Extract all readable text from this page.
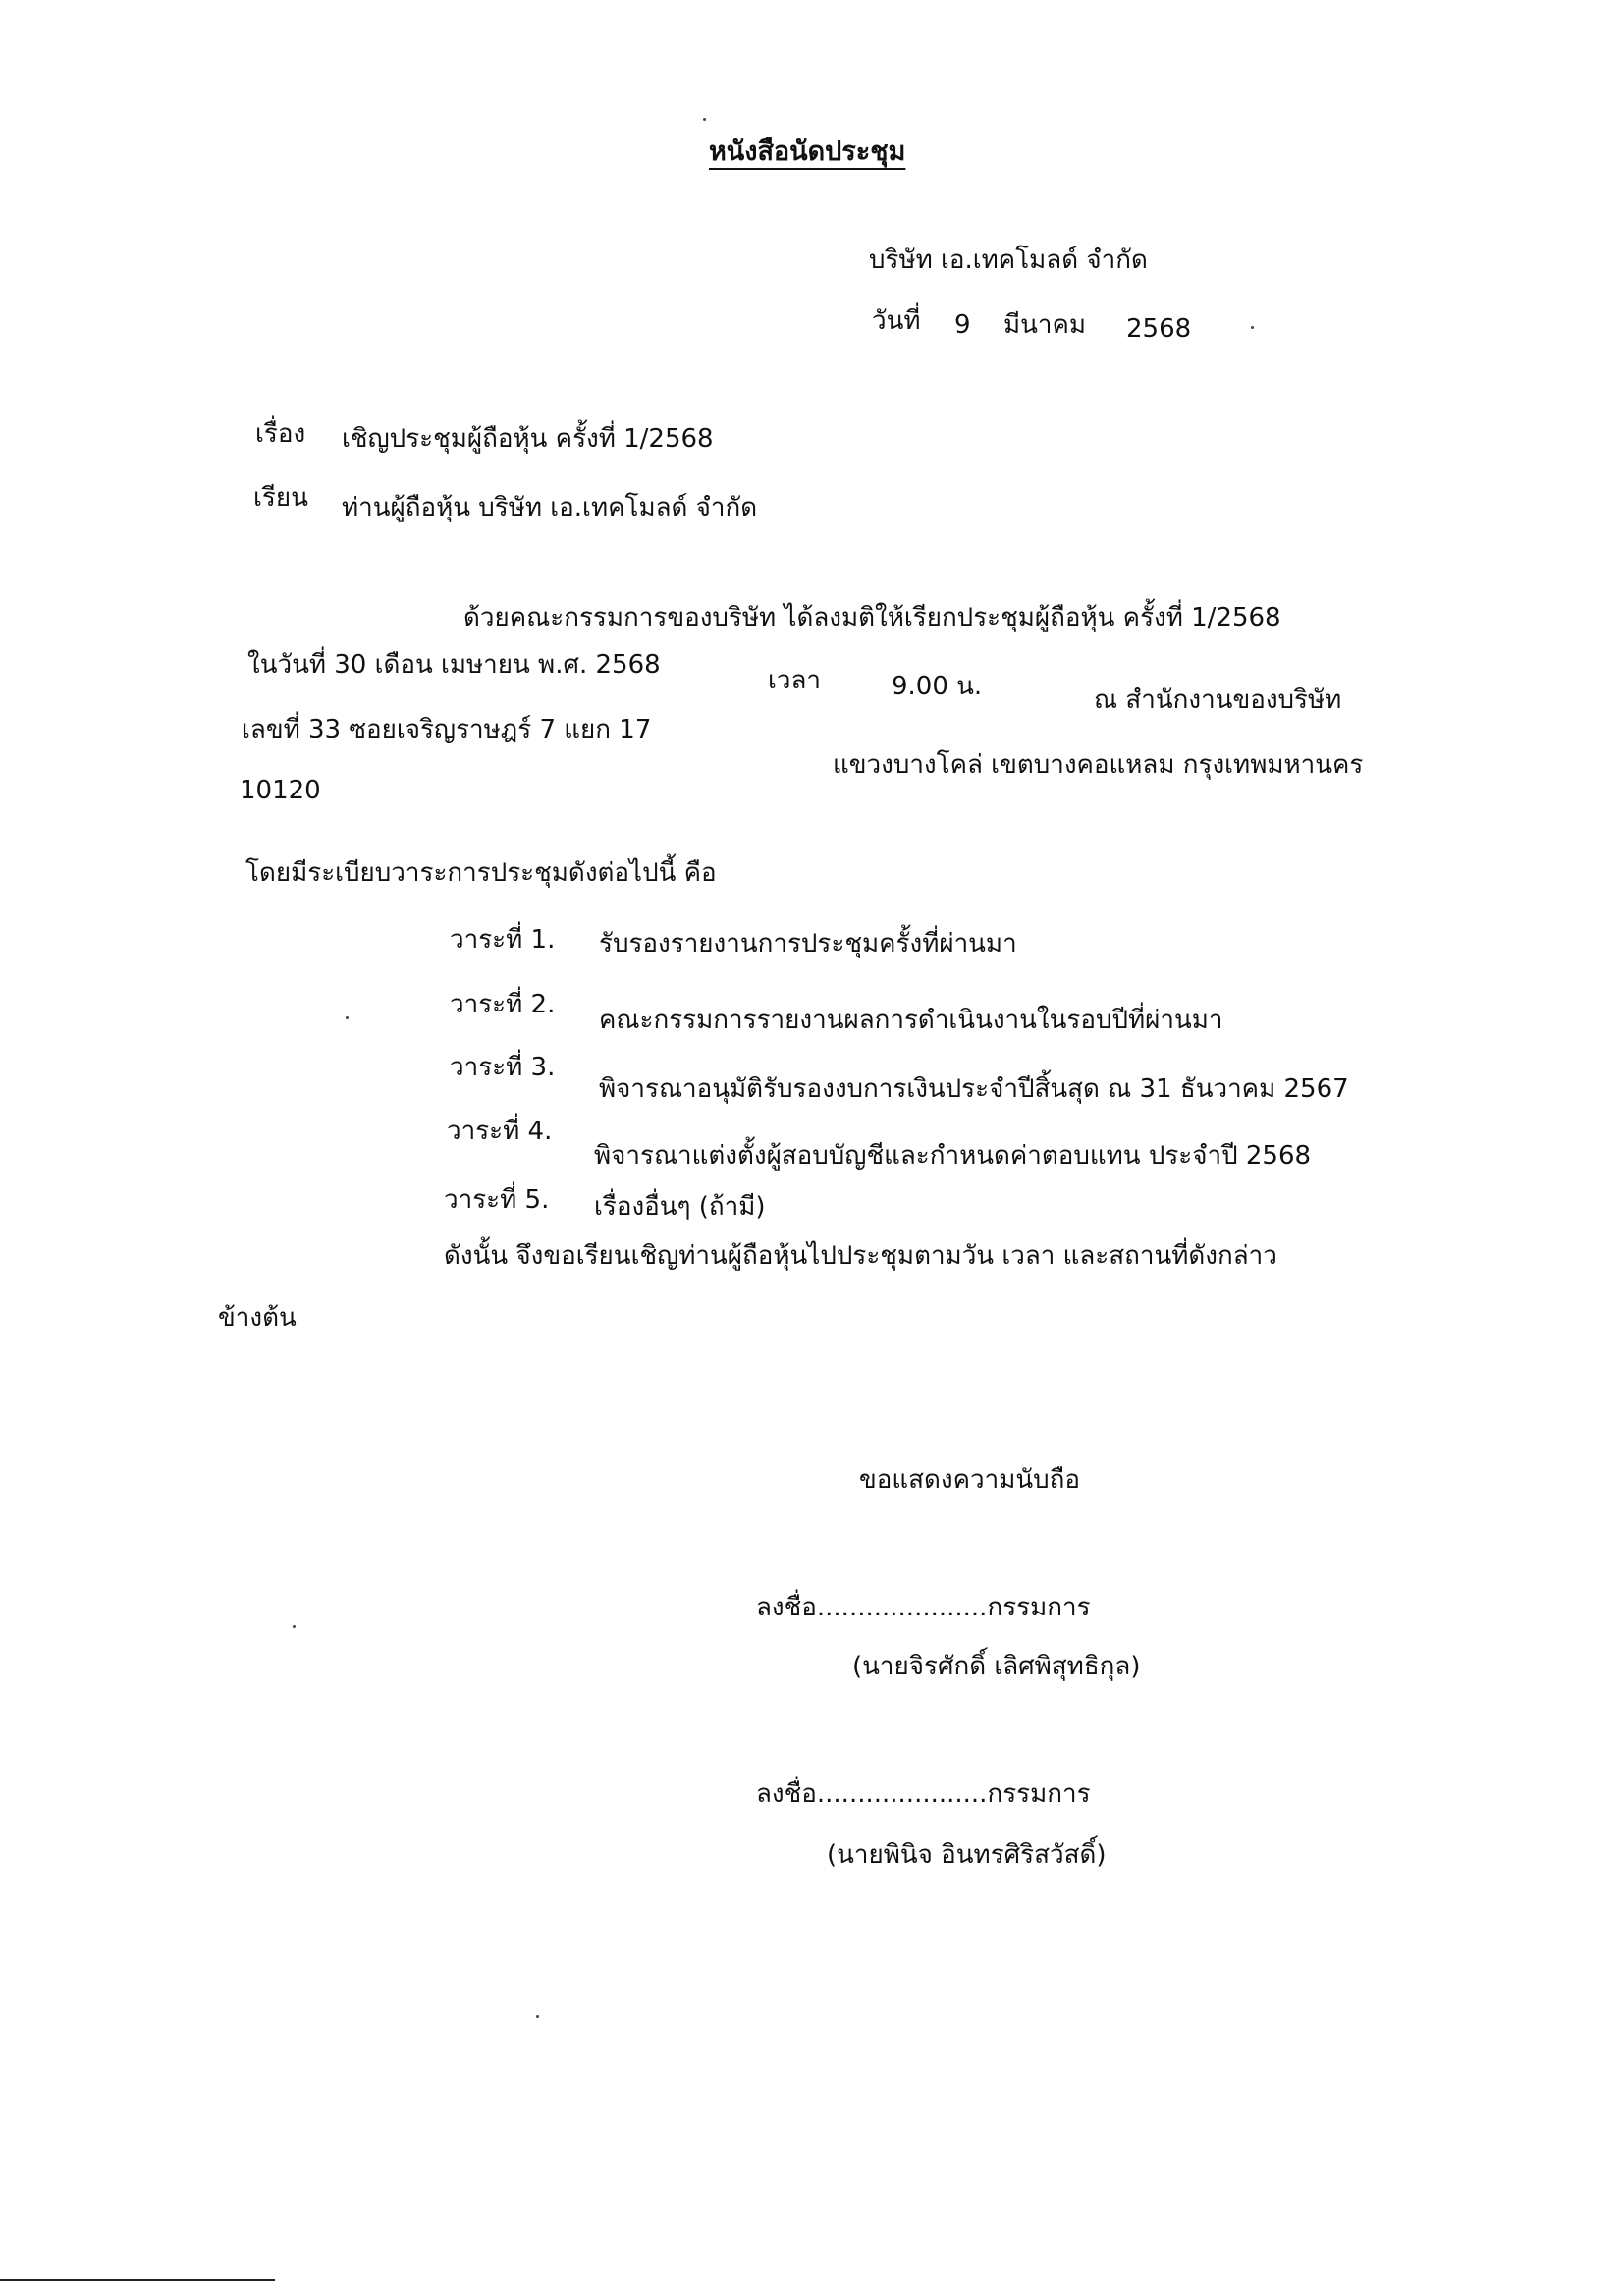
หนังสือนัดประชุม
บริษัท เอ.เทคโมลด์ จำกัด
วันที่ 9 มีนาคม 2568
เรื่อง เชิญประชุมผู้ถือหุ้น ครั้งที่ 1/2568
เรียน ท่านผู้ถือหุ้น บริษัท เอ.เทคโมลด์ จำกัด
ด้วยคณะกรรมการของบริษัท ได้ลงมติให้เรียกประชุมผู้ถือหุ้น ครั้งที่ 1/2568
ในวันที่ 30 เดือน เมษายน พ.ศ. 2568
เวลา	9.00 น.	ณ สำนักงานของบริษัท
เลขที่ 33 ซอยเจริญราษฎร์ 7 แยก 17
แขวงบางโคล่ เขตบางคอแหลม กรุงเทพมหานคร
10120
โดยมีระเบียบวาระการประชุมดังต่อไปนี้ คือ
วาระที่ 1. รับรองรายงานการประชุมครั้งที่ผ่านมา
วาระที่ 2.
คณะกรรมการรายงานผลการดำเนินงานในรอบปีที่ผ่านมา
วาระที่ 3.
พิจารณาอนุมัติรับรองงบการเงินประจำปีสิ้นสุด ณ 31 ธันวาคม 2567
วาระที่ 4.
พิจารณาแต่งตั้งผู้สอบบัญชีและกำหนดค่าตอบแทน ประจำปี 2568
วาระที่ 5. เรื่องอื่นๆ (ถ้ามี)
ดังนั้น จึงขอเรียนเชิญท่านผู้ถือหุ้นไปประชุมตามวัน เวลา และสถานที่ดังกล่าว
ข้างต้น
ขอแสดงความนับถือ
ลงชื่อ.....................กรรมการ
(นายจิรศักดิ์ เลิศพิสุทธิกุล)
ลงชื่อ.....................กรรมการ
(นายพินิจ อินทรศิริสวัสดิ์)
